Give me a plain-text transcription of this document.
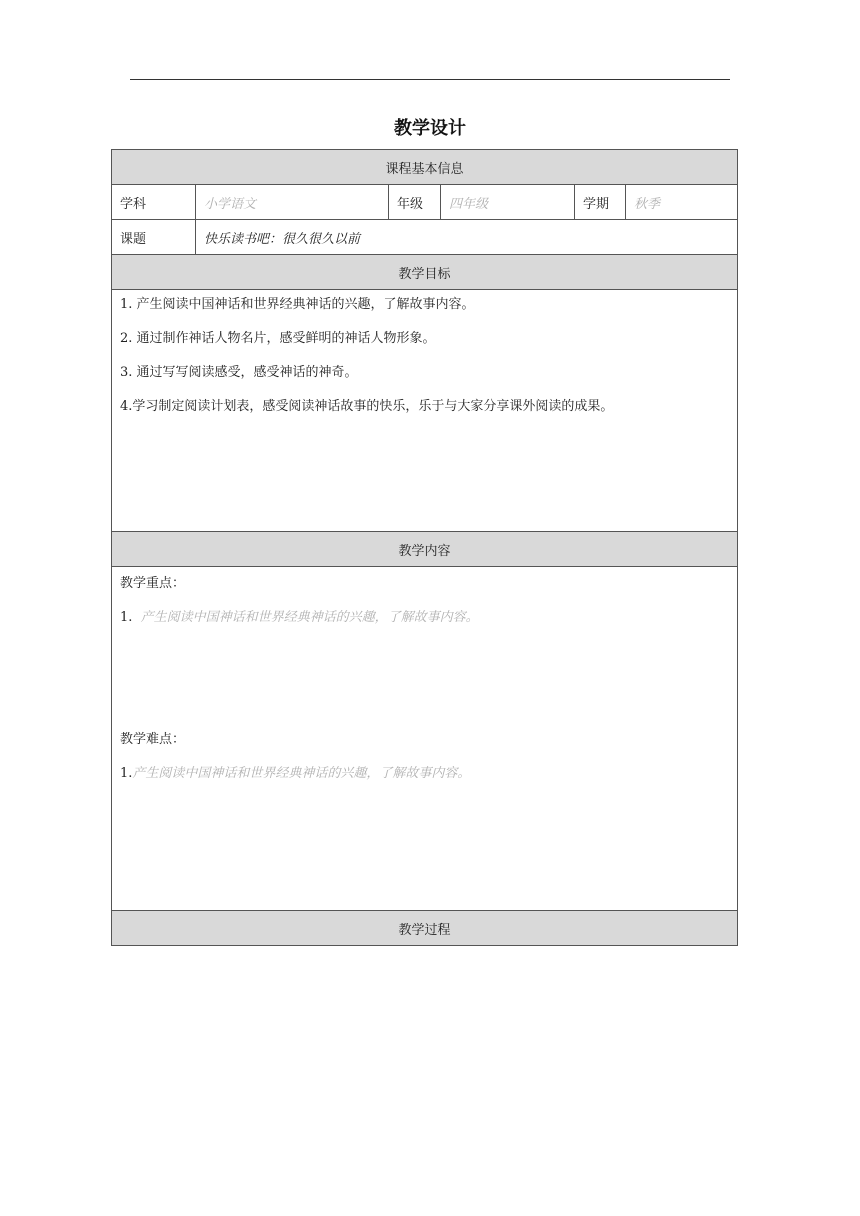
教学设计
课程基本信息					
学科	小学语文	年级	四年级	学期	秋季
课题	快乐读书吧：很久很久以前				
教学目标					

1. 产生阅读中国神话和世界经典神话的兴趣，了解故事内容。

2. 通过制作神话人物名片，感受鲜明的神话人物形象。

3. 通过写写阅读感受，感受神话的神奇。

4.学习制定阅读计划表，感受阅读神话故事的快乐，乐于与大家分享课外阅读的成果。					

教学内容					

教学重点：

1. 产生阅读中国神话和世界经典神话的兴趣，了解故事内容。

教学难点：

1.产生阅读中国神话和世界经典神话的兴趣，了解故事内容。					

教学过程					
